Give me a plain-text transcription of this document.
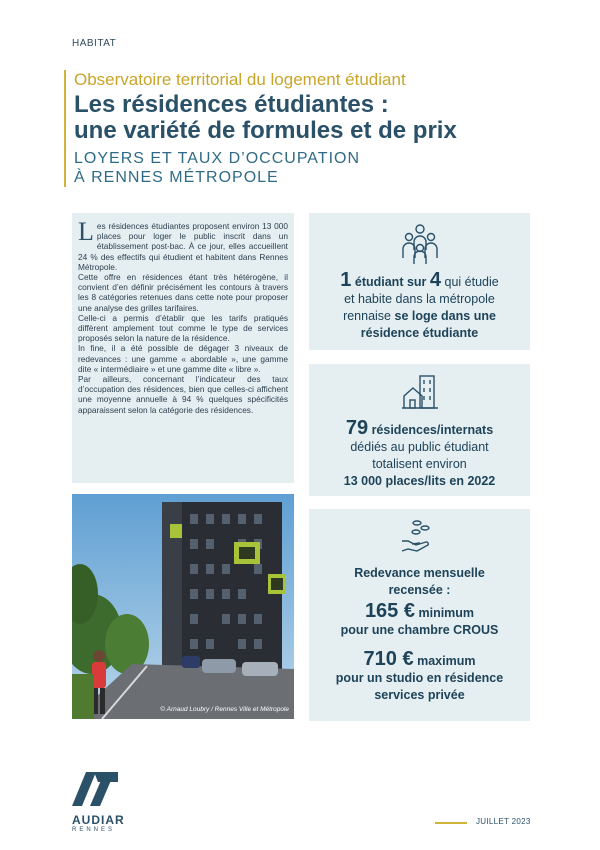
HABITAT
Observatoire territorial du logement étudiant
Les résidences étudiantes :
une variété de formules et de prix
LOYERS ET TAUX D’OCCUPATION
À RENNES MÉTROPOLE

Les résidences étudiantes proposent environ 13 000 places pour loger le public inscrit dans un établissement post-bac. À ce jour, elles accueillent 24 % des effectifs qui étudient et habitent dans Rennes Métropole.

Cette offre en résidences étant très hétérogène, il convient d’en définir précisément les contours à travers les 8 catégories retenues dans cette note pour proposer une analyse des grilles tarifaires.

Celle-ci a permis d’établir que les tarifs pratiqués diffèrent amplement tout comme le type de services proposés selon la nature de la résidence.

In fine, il a été possible de dégager 3 niveaux de redevances : une gamme « abordable », une gamme dite « intermédiaire » et une gamme dite « libre ».

Par ailleurs, concernant l’indicateur des taux d’occupation des résidences, bien que celles-ci affichent une moyenne annuelle à 94 % quelques spécificités apparaissent selon la catégorie des résidences.

© Arnaud Loubry / Rennes Ville et Métropole
1 étudiant sur 4 qui étudie
et habite dans la métropole
rennaise se loge dans une
résidence étudiante
79 résidences/internats
dédiés au public étudiant
totalisent environ
13 000 places/lits en 2022
Redevance mensuelle
recensée :
165 € minimum
pour une chambre CROUS
710 € maximum
pour un studio en résidence
services privée
AUDIAR
RENNES
JUILLET 2023
